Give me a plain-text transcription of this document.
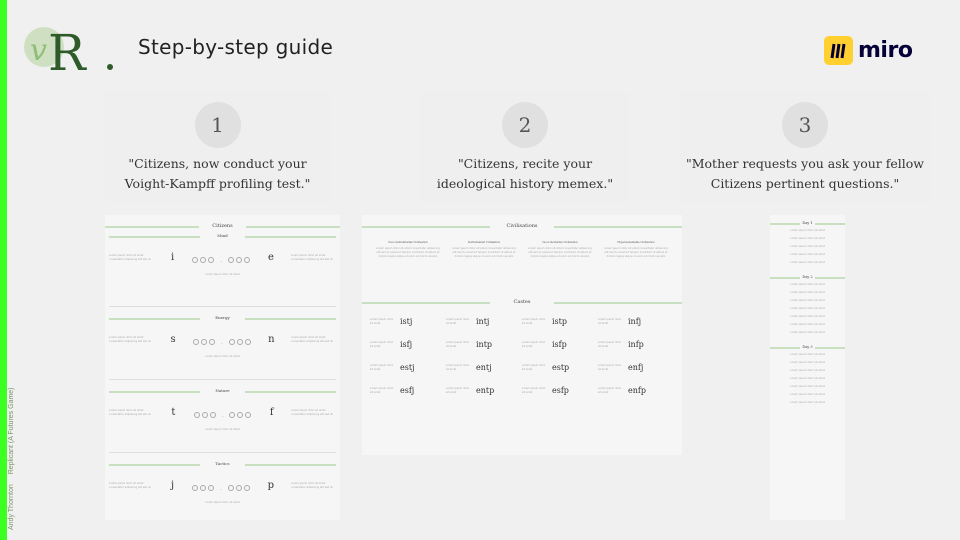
Andy Thornton Replicant (A Futures Game)
v R	Step-by-step guide	miro
1
"Citizens, now conduct your
Voight-Kampff profiling test."
2
"Citizens, recite your
ideological history memex."
3
"Mother requests you ask your fellow
Citizens pertinent questions."
Citizens
Mind
Lorem ipsum dolor sit amet consectetur adipiscing elit sed do i	-	e	Lorem ipsum dolor sit amet consectetur adipiscing elit sed do
Lorem ipsum dolor sit amet
Energy
Lorem ipsum dolor sit amet consectetur adipiscing elit sed do s	-	n	Lorem ipsum dolor sit amet consectetur adipiscing elit sed do
Lorem ipsum dolor sit amet
Nature
Lorem ipsum dolor sit amet consectetur adipiscing elit sed do t	-	f	Lorem ipsum dolor sit amet consectetur adipiscing elit sed do
Lorem ipsum dolor sit amet
Tactics
Lorem ipsum dolor sit amet consectetur adipiscing elit sed do j	-	p	Lorem ipsum dolor sit amet consectetur adipiscing elit sed do
Lorem ipsum dolor sit amet
Civilisations
Neocommunitarian Civilisation
Lorem ipsum dolor sit amet consectetur adipiscing elit sed do eiusmod tempor incididunt ut labore et dolore magna aliqua ut enim ad minim veniam
Posthumanist Civilisation
Lorem ipsum dolor sit amet consectetur adipiscing elit sed do eiusmod tempor incididunt ut labore et dolore magna aliqua ut enim ad minim veniam
Neo-Libertarian Civilisation
Lorem ipsum dolor sit amet consectetur adipiscing elit sed do eiusmod tempor incididunt ut labore et dolore magna aliqua ut enim ad minim veniam
Hypersustainable Civilisation
Lorem ipsum dolor sit amet consectetur adipiscing elit sed do eiusmod tempor incididunt ut labore et dolore magna aliqua ut enim ad minim veniam
Castes
Lorem ipsum dolor sit amet	istj	Lorem ipsum dolor sit amet	intj	Lorem ipsum dolor sit amet	istp	Lorem ipsum dolor sit amet	infj
Lorem ipsum dolor sit amet	isfj	Lorem ipsum dolor sit amet	intp	Lorem ipsum dolor sit amet	isfp	Lorem ipsum dolor sit amet	infp
Lorem ipsum dolor sit amet	estj	Lorem ipsum dolor sit amet	entj	Lorem ipsum dolor sit amet	estp	Lorem ipsum dolor sit amet	enfj
Lorem ipsum dolor sit amet	esfj	Lorem ipsum dolor sit amet	entp	Lorem ipsum dolor sit amet	esfp	Lorem ipsum dolor sit amet	enfp
Day 1
Lorem ipsum dolor sit amet
Lorem ipsum dolor sit amet
Lorem ipsum dolor sit amet
Lorem ipsum dolor sit amet
Lorem ipsum dolor sit amet
Day 2
Lorem ipsum dolor sit amet
Lorem ipsum dolor sit amet
Lorem ipsum dolor sit amet
Lorem ipsum dolor sit amet
Lorem ipsum dolor sit amet
Lorem ipsum dolor sit amet
Lorem ipsum dolor sit amet
Day 3
Lorem ipsum dolor sit amet
Lorem ipsum dolor sit amet
Lorem ipsum dolor sit amet
Lorem ipsum dolor sit amet
Lorem ipsum dolor sit amet
Lorem ipsum dolor sit amet
Lorem ipsum dolor sit amet
